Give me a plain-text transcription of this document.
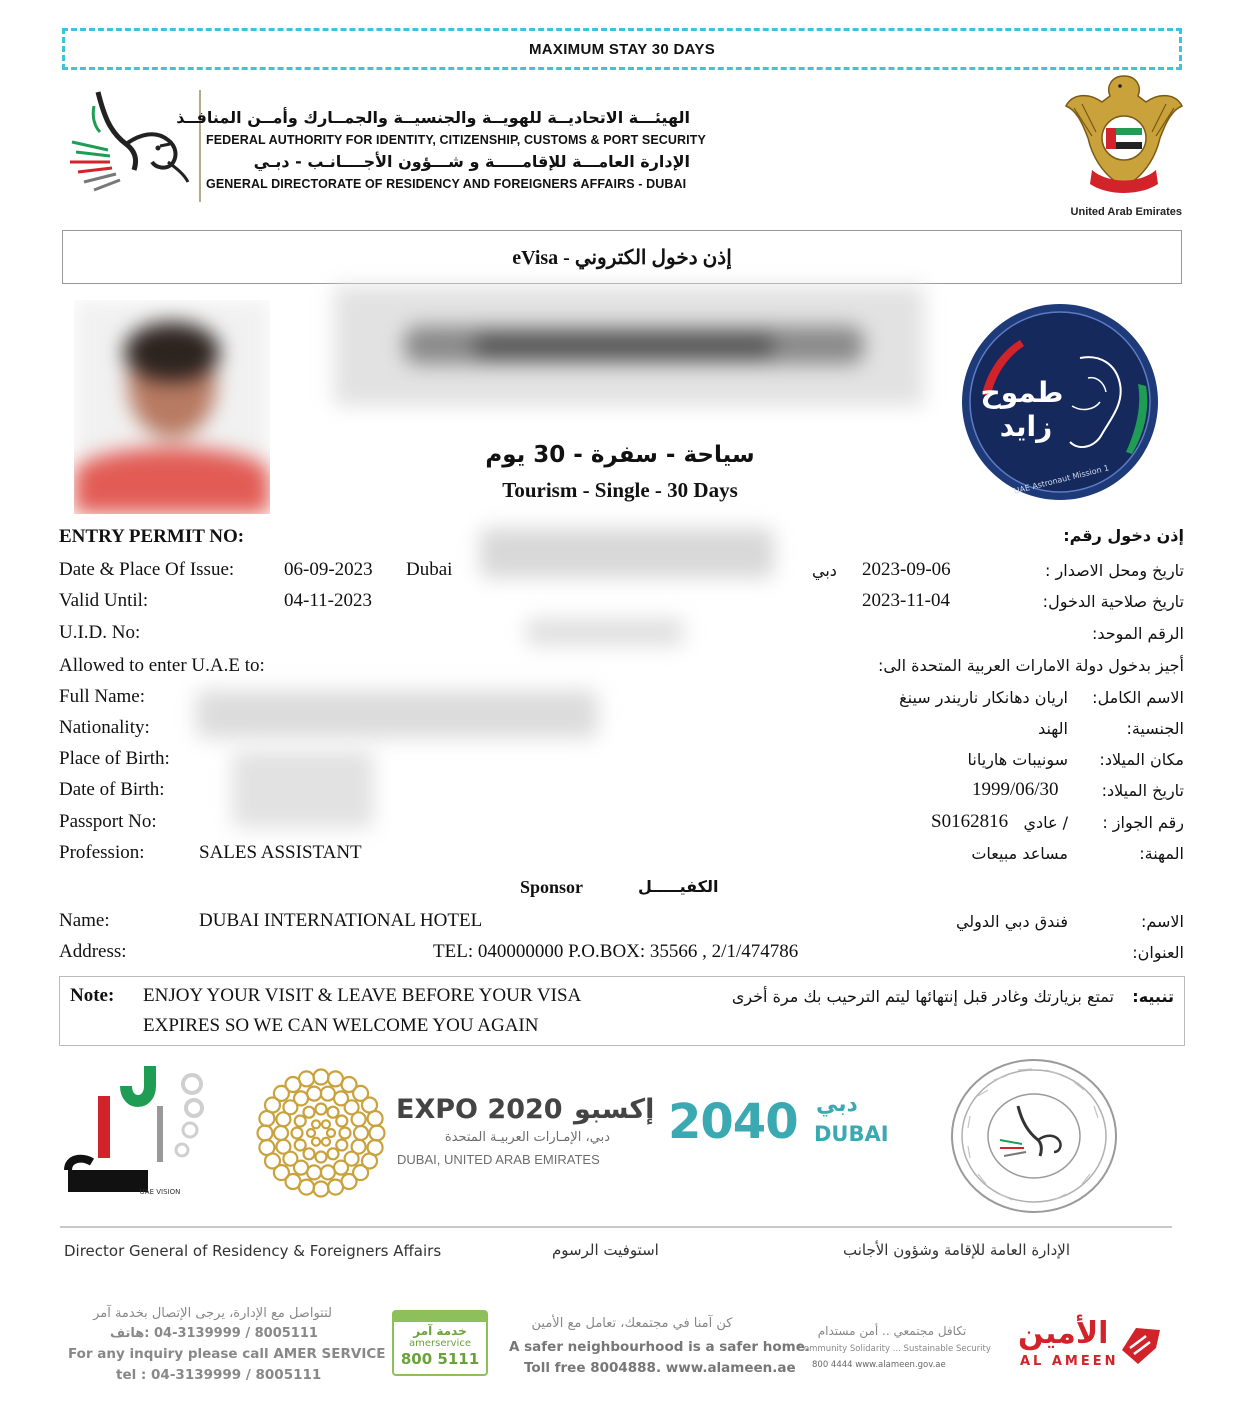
MAXIMUM STAY 30 DAYS
الهيئـــة الاتحاديــة للهويــة والجنسيــة والجمــارك وأمــن المنافــذ
FEDERAL AUTHORITY FOR IDENTITY, CITIZENSHIP, CUSTOMS & PORT SECURITY
الإدارة العامـــة للإقامـــــة و شـــؤون الأجــــانـب - دبـي
GENERAL DIRECTORATE OF RESIDENCY AND FOREIGNERS AFFAIRS - DUBAI
United Arab Emirates
eVisa - إذن دخول الكتروني
طموح
زايد
UAE Astronaut Mission 1
سياحة - سفرة - 30 يوم
Tourism - Single - 30 Days
ENTRY PERMIT NO:	إذن دخول رقم:
Date & Place Of Issue:	06-09-2023 Dubai	دبي 2023-09-06	تاريخ ومحل الاصدار :
Valid Until:	04-11-2023	2023-11-04	تاريخ صلاحية الدخول:
U.I.D. No:	الرقم الموحد:
Allowed to enter U.A.E to:	أجيز بدخول دولة الامارات العربية المتحدة الى:
Full Name:	اريان دهانكار ناريندر سينغ الاسم الكامل:
Nationality:	الهند	الجنسية:
Place of Birth:	سونيبات هاريانا مكان الميلاد:
Date of Birth:	1999/06/30	تاريخ الميلاد:
Passport No:	S0162816 / عادي رقم الجواز :
Profession:	SALES ASSISTANT	مساعد مبيعات	المهنة:
Sponsor	الكفيـــــل
Name:	DUBAI INTERNATIONAL HOTEL	فندق دبي الدولي	الاسم:
Address:	TEL: 040000000 P.O.BOX: 35566 , 2/1/474786	العنوان:
Note: ENJOY YOUR VISIT & LEAVE BEFORE YOUR VISA
EXPIRES SO WE CAN WELCOME YOU AGAIN
تمتع بزيارتك وغادر قبل إنتهائها ليتم الترحيب بك مرة أخرى تنبيه:
UAE VISION
EXPO 2020 إكسبو
دبي، الإمـارات العربيـة المتحدة
DUBAI, UNITED ARAB EMIRATES
2040 دبي
DUBAI
Director General of Residency & Foreigners Affairs	استوفيت الرسوم	الإدارة العامة للإقامة وشؤون الأجانب
لتتواصل مع الإدارة، يرجى الإتصال بخدمة آمر
8005111 / 04-3139999 :هاتف
For any inquiry please call AMER SERVICE
tel : 04-3139999 / 8005111
خدمة آمر
amerservice
800 5111
كن آمنا في مجتمعك، تعامل مع الأمين
A safer neighbourhood is a safer home.
Toll free 8004888. www.alameen.ae
تكافل مجتمعي .. أمن مستدام
Community Solidarity ... Sustainable Security
800 4444 www.alameen.gov.ae
الأمين
AL AMEEN
